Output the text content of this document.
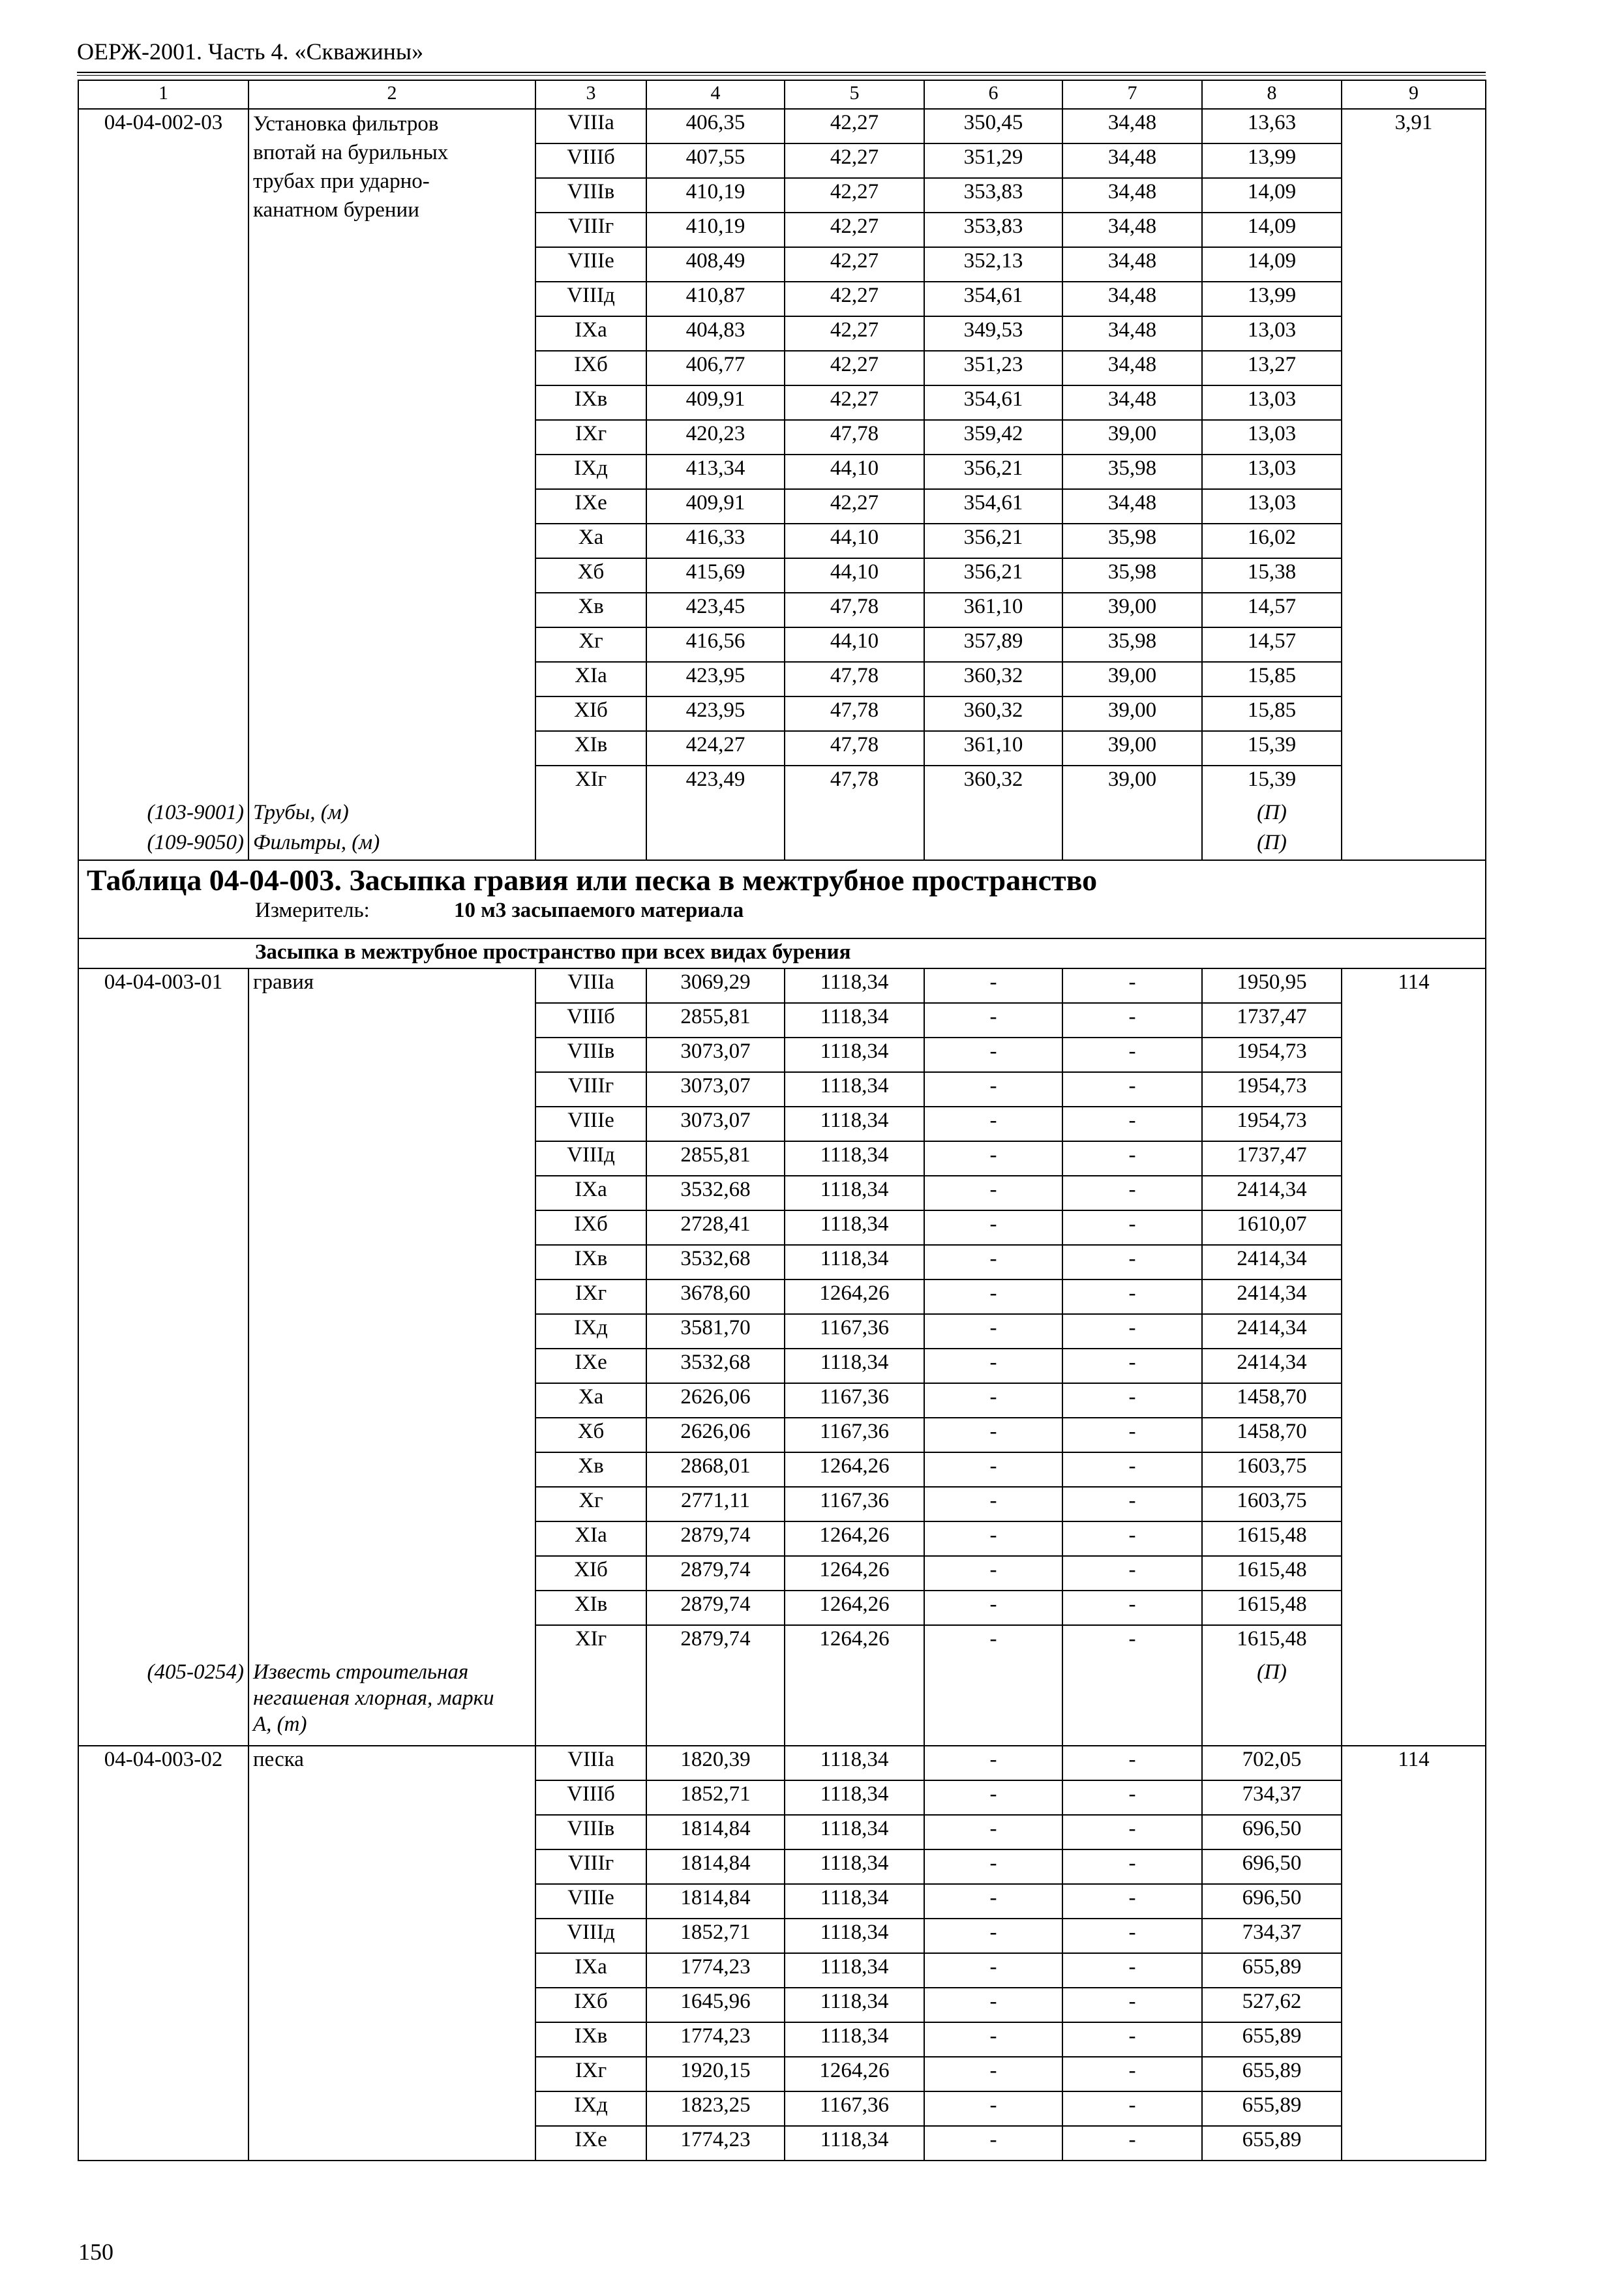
ОЕРЖ-2001. Часть 4. «Скважины»
1	2	3	4	5	6	7	8	9
04-04-002-03	Установка фильтров
впотай на бурильных
трубах при ударно-
канатном бурении	VIIIа	406,35	42,27	350,45	34,48	13,63	3,91
		VIIIб	407,55	42,27	351,29	34,48	13,99	
		VIIIв	410,19	42,27	353,83	34,48	14,09	
		VIIIг	410,19	42,27	353,83	34,48	14,09	
		VIIIе	408,49	42,27	352,13	34,48	14,09	
		VIIIд	410,87	42,27	354,61	34,48	13,99	
		IXа	404,83	42,27	349,53	34,48	13,03	
		IXб	406,77	42,27	351,23	34,48	13,27	
		IXв	409,91	42,27	354,61	34,48	13,03	
		IXг	420,23	47,78	359,42	39,00	13,03	
		IXд	413,34	44,10	356,21	35,98	13,03	
		IXе	409,91	42,27	354,61	34,48	13,03	
		Xа	416,33	44,10	356,21	35,98	16,02	
		Xб	415,69	44,10	356,21	35,98	15,38	
		Xв	423,45	47,78	361,10	39,00	14,57	
		Xг	416,56	44,10	357,89	35,98	14,57	
		XIа	423,95	47,78	360,32	39,00	15,85	
		XIб	423,95	47,78	360,32	39,00	15,85	
		XIв	424,27	47,78	361,10	39,00	15,39	
		XIг	423,49	47,78	360,32	39,00	15,39	
(103-9001)	Трубы, (м)						(П)	
(109-9050)	Фильтры, (м)						(П)	

Таблица 04-04-003. Засыпка гравия или песка в межтрубное пространство
Измеритель: 10 м3 засыпаемого материала								
Засыпка в межтрубное пространство при всех видах бурения								
04-04-003-01	гравия	VIIIа	3069,29	1118,34	-	-	1950,95	114
		VIIIб	2855,81	1118,34	-	-	1737,47	
		VIIIв	3073,07	1118,34	-	-	1954,73	
		VIIIг	3073,07	1118,34	-	-	1954,73	
		VIIIе	3073,07	1118,34	-	-	1954,73	
		VIIIд	2855,81	1118,34	-	-	1737,47	
		IXа	3532,68	1118,34	-	-	2414,34	
		IXб	2728,41	1118,34	-	-	1610,07	
		IXв	3532,68	1118,34	-	-	2414,34	
		IXг	3678,60	1264,26	-	-	2414,34	
		IXд	3581,70	1167,36	-	-	2414,34	
		IXе	3532,68	1118,34	-	-	2414,34	
		Xа	2626,06	1167,36	-	-	1458,70	
		Xб	2626,06	1167,36	-	-	1458,70	
		Xв	2868,01	1264,26	-	-	1603,75	
		Xг	2771,11	1167,36	-	-	1603,75	
		XIа	2879,74	1264,26	-	-	1615,48	
		XIб	2879,74	1264,26	-	-	1615,48	
		XIв	2879,74	1264,26	-	-	1615,48	
		XIг	2879,74	1264,26	-	-	1615,48	
(405-0254)	Известь строительная
негашеная хлорная, марки
А, (т)						(П)	
04-04-003-02	песка	VIIIа	1820,39	1118,34	-	-	702,05	114
		VIIIб	1852,71	1118,34	-	-	734,37	
		VIIIв	1814,84	1118,34	-	-	696,50	
		VIIIг	1814,84	1118,34	-	-	696,50	
		VIIIе	1814,84	1118,34	-	-	696,50	
		VIIIд	1852,71	1118,34	-	-	734,37	
		IXа	1774,23	1118,34	-	-	655,89	
		IXб	1645,96	1118,34	-	-	527,62	
		IXв	1774,23	1118,34	-	-	655,89	
		IXг	1920,15	1264,26	-	-	655,89	
		IXд	1823,25	1167,36	-	-	655,89	
		IXе	1774,23	1118,34	-	-	655,89	
150
